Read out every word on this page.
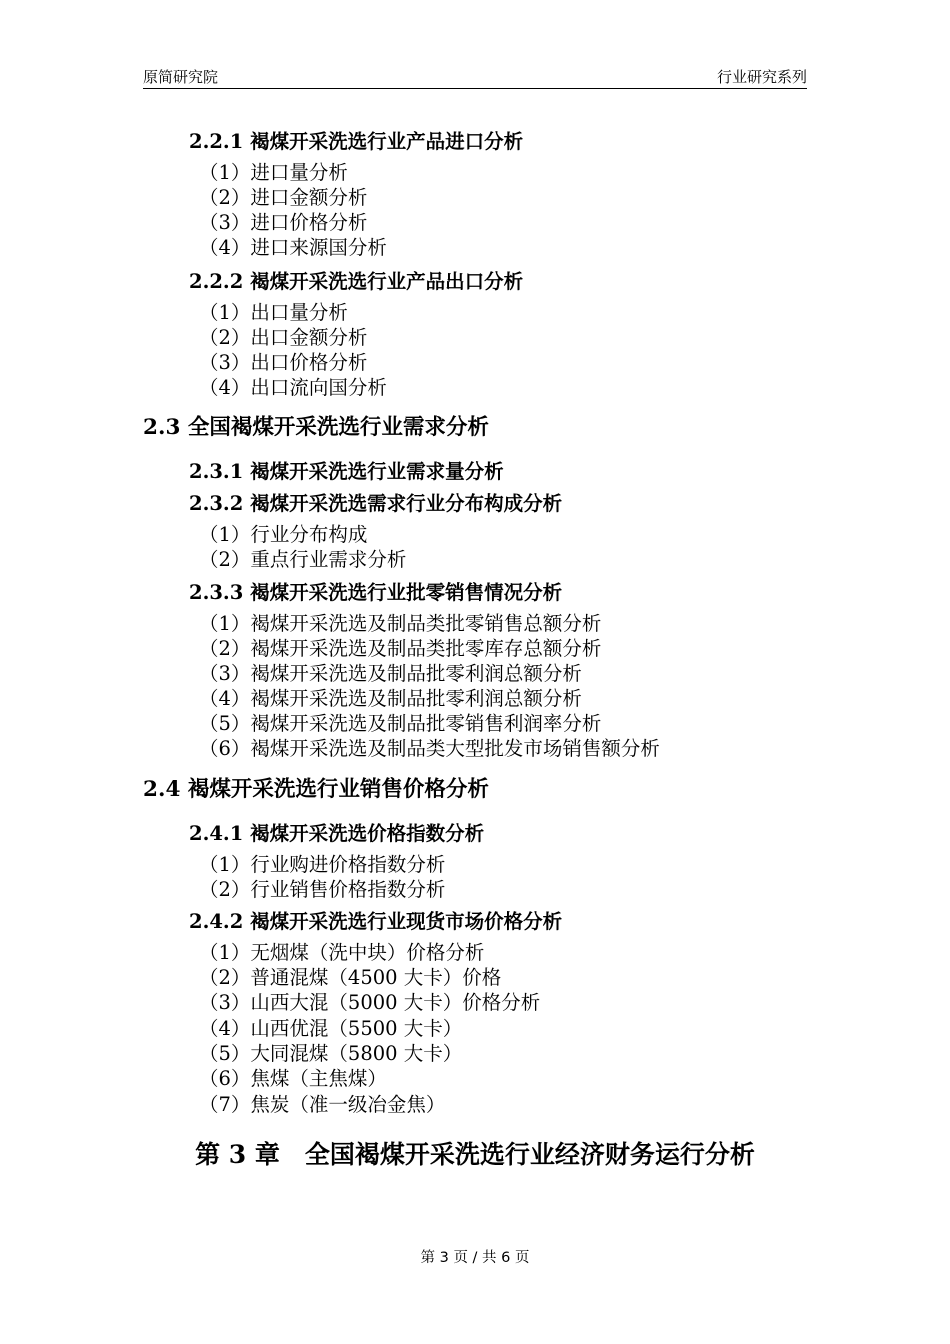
原简研究院	行业研究系列
2.2.1 褐煤开采洗选行业产品进口分析
（1）进口量分析
（2）进口金额分析
（3）进口价格分析
（4）进口来源国分析
2.2.2 褐煤开采洗选行业产品出口分析
（1）出口量分析
（2）出口金额分析
（3）出口价格分析
（4）出口流向国分析
2.3 全国褐煤开采洗选行业需求分析
2.3.1 褐煤开采洗选行业需求量分析
2.3.2 褐煤开采洗选需求行业分布构成分析
（1）行业分布构成
（2）重点行业需求分析
2.3.3 褐煤开采洗选行业批零销售情况分析
（1）褐煤开采洗选及制品类批零销售总额分析
（2）褐煤开采洗选及制品类批零库存总额分析
（3）褐煤开采洗选及制品批零利润总额分析
（4）褐煤开采洗选及制品批零利润总额分析
（5）褐煤开采洗选及制品批零销售利润率分析
（6）褐煤开采洗选及制品类大型批发市场销售额分析
2.4 褐煤开采洗选行业销售价格分析
2.4.1 褐煤开采洗选价格指数分析
（1）行业购进价格指数分析
（2）行业销售价格指数分析
2.4.2 褐煤开采洗选行业现货市场价格分析
（1）无烟煤（洗中块）价格分析
（2）普通混煤（4500 大卡）价格
（3）山西大混（5000 大卡）价格分析
（4）山西优混（5500 大卡）
（5）大同混煤（5800 大卡）
（6）焦煤（主焦煤）
（7）焦炭（准一级冶金焦）
第 3 章　全国褐煤开采洗选行业经济财务运行分析
第 3 页 / 共 6 页
